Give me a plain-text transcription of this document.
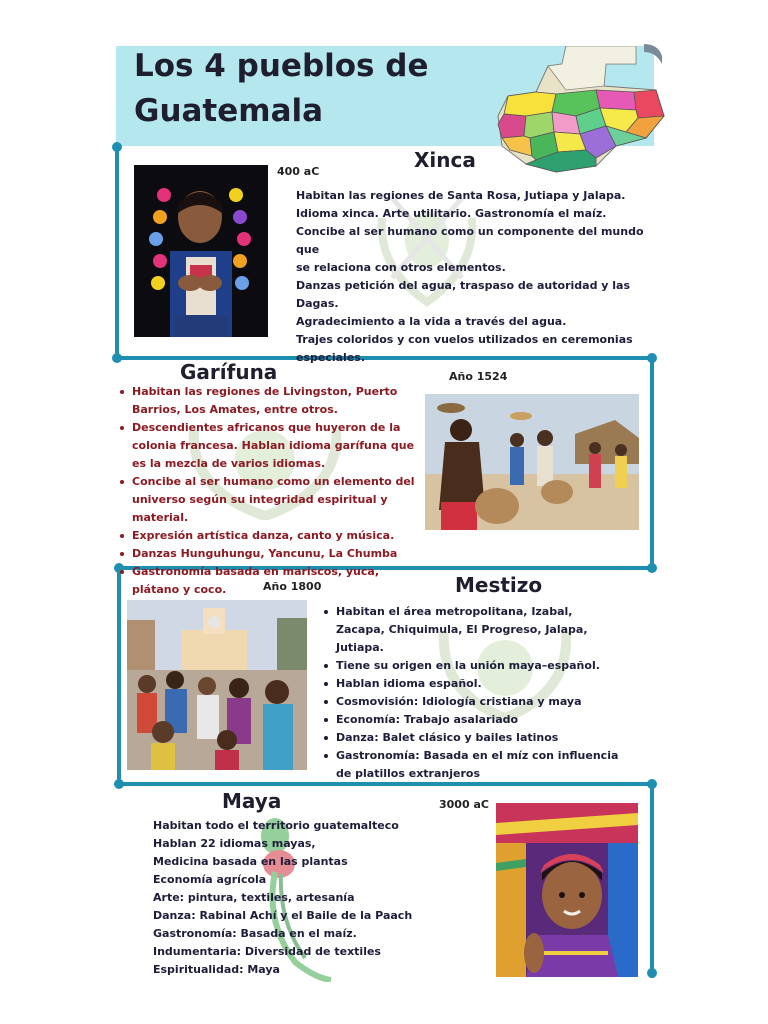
Los 4 pueblos de Guatemala
Xinca
400 aC

Habitan las regiones de Santa Rosa, Jutiapa y Jalapa.

Idioma xinca. Arte utilitario. Gastronomía el maíz.

Concibe al ser humano como un componente del mundo que

se relaciona con otros elementos.

Danzas petición del agua, traspaso de autoridad y las Dagas.

Agradecimiento a la vida a través del agua.

Trajes coloridos y con vuelos utilizados en ceremonias

especiales.

Garífuna	Año 1524
Habitan las regiones de Livingston, Puerto Barrios, Los Amates, entre otros.
Descendientes africanos que huyeron de la colonia francesa. Hablan idioma garífuna que es la mezcla de varios idiomas.
Concibe al ser humano como un elemento del universo según su integridad espiritual y material.
Expresión artística danza, canto y música.
Danzas Hunguhungu, Yancunu, La Chumba
Gastronomía basada en mariscos, yuca, plátano y coco.	Año 1800	Mestizo
Habitan el área metropolitana, Izabal, Zacapa, Chiquimula, El Progreso, Jalapa, Jutiapa.
Tiene su origen en la unión maya–español.
Hablan idioma español.
Cosmovisión: Idiología cristiana y maya
Economía: Trabajo asalariado
Danza: Balet clásico y bailes latinos
Gastronomía: Basada en el míz con influencia de platillos extranjeros
Maya	3000 aC

Habitan todo el territorio guatemalteco

Hablan 22 idiomas mayas,

Medicina basada en las plantas

Economía agrícola

Arte: pintura, textiles, artesanía

Danza: Rabinal Achí y el Baile de la Paach

Gastronomía: Basada en el maíz.

Indumentaria: Diversidad de textiles

Espiritualidad: Maya
